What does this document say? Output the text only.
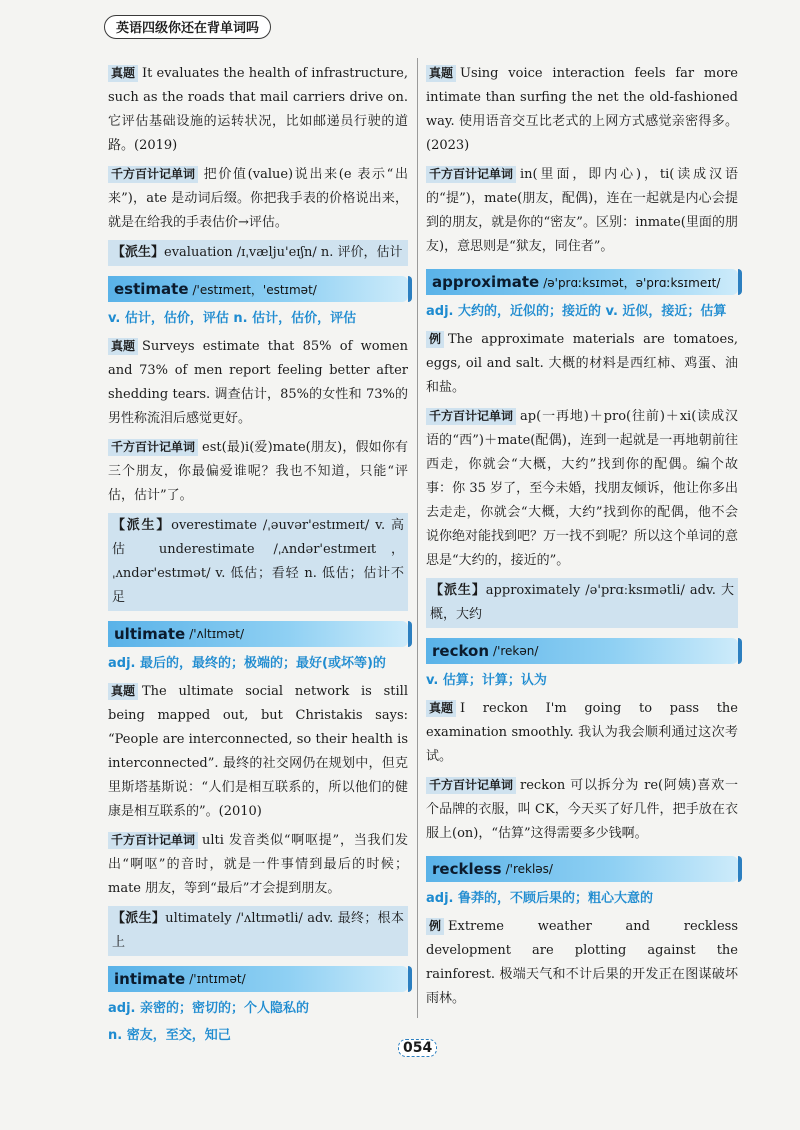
英语四级你还在背单词吗

真题 It evaluates the health of infrastructure, such as the roads that mail carriers drive on. 它评估基础设施的运转状况，比如邮递员行驶的道路。(2019)

千方百计记单词 把价值(value)说出来(e 表示“出来”)，ate 是动词后缀。你把我手表的价格说出来，就是在给我的手表估价→评估。

【派生】evaluation /ɪˌvælju'eɪʃn/ n. 评价，估计

estimate /'estɪmeɪt，'estɪmət/
v. 估计，估价，评估 n. 估计，估价，评估

真题 Surveys estimate that 85% of women and 73% of men report feeling better after shedding tears. 调查估计，85%的女性和 73%的男性称流泪后感觉更好。

千方百计记单词 est(最)i(爱)mate(朋友)，假如你有三个朋友，你最偏爱谁呢？我也不知道，只能“评估，估计”了。

【派生】overestimate /ˌəuvər'estɪmeɪt/ v. 高估 underestimate /ˌʌndər'estɪmeɪt，ˌʌndər'estɪmət/ v. 低估；看轻 n. 低估；估计不足

ultimate /'ʌltɪmət/
adj. 最后的，最终的；极端的；最好(或坏等)的

真题 The ultimate social network is still being mapped out, but Christakis says: “People are interconnected, so their health is interconnected”. 最终的社交网仍在规划中，但克里斯塔基斯说：“人们是相互联系的，所以他们的健康是相互联系的”。(2010)

千方百计记单词 ulti 发音类似“啊呕提”，当我们发出“啊呕”的音时，就是一件事情到最后的时候；mate 朋友，等到“最后”才会提到朋友。

【派生】ultimately /'ʌltɪmətli/ adv. 最终；根本上

intimate /'ɪntɪmət/
adj. 亲密的；密切的；个人隐私的
n. 密友，至交，知己

真题 Using voice interaction feels far more intimate than surfing the net the old-fashioned way. 使用语音交互比老式的上网方式感觉亲密得多。(2023)

千方百计记单词 in(里面，即内心)，ti(读成汉语的“提”)，mate(朋友，配偶)，连在一起就是内心会提到的朋友，就是你的“密友”。区别：inmate(里面的朋友)，意思则是“狱友，同住者”。

approximate /ə'prɑːksɪmət，ə'prɑːksɪmeɪt/
adj. 大约的，近似的；接近的 v. 近似，接近；估算

例 The approximate materials are tomatoes, eggs, oil and salt. 大概的材料是西红柿、鸡蛋、油和盐。

千方百计记单词 ap(一再地)＋pro(往前)＋xi(读成汉语的“西”)＋mate(配偶)，连到一起就是一再地朝前往西走，你就会“大概，大约”找到你的配偶。编个故事：你 35 岁了，至今未婚，找朋友倾诉，他让你多出去走走，你就会“大概，大约”找到你的配偶，他不会说你绝对能找到吧？万一找不到呢？所以这个单词的意思是“大约的，接近的”。

【派生】approximately /ə'prɑːksɪmətli/ adv. 大概，大约

reckon /'rekən/
v. 估算；计算；认为

真题 I reckon I'm going to pass the examination smoothly. 我认为我会顺利通过这次考试。

千方百计记单词 reckon 可以拆分为 re(阿姨)喜欢一个品牌的衣服，叫 CK，今天买了好几件，把手放在衣服上(on)，“估算”这得需要多少钱啊。

reckless /'rekləs/
adj. 鲁莽的，不顾后果的；粗心大意的

例 Extreme weather and reckless development are plotting against the rainforest. 极端天气和不计后果的开发正在图谋破坏雨林。

054
